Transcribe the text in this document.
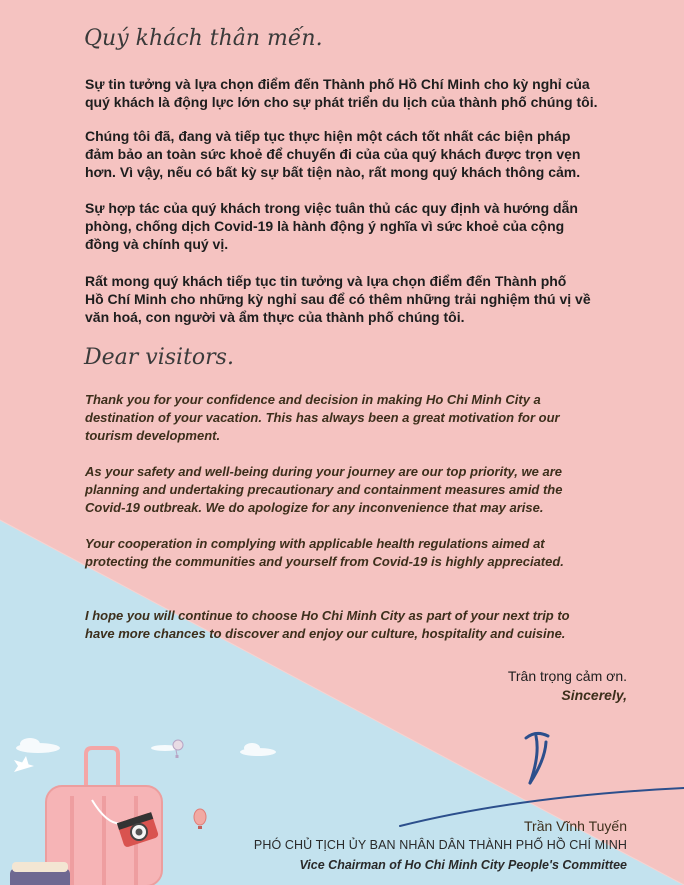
Quý khách thân mến.

Sự tin tưởng và lựa chọn điểm đến Thành phố Hồ Chí Minh cho kỳ nghỉ của
quý khách là động lực lớn cho sự phát triển du lịch của thành phố chúng tôi.

Chúng tôi đã, đang và tiếp tục thực hiện một cách tốt nhất các biện pháp
đảm bảo an toàn sức khoẻ để chuyến đi của của quý khách được trọn vẹn
hơn. Vì vậy, nếu có bất kỳ sự bất tiện nào, rất mong quý khách thông cảm.

Sự hợp tác của quý khách trong việc tuân thủ các quy định và hướng dẫn
phòng, chống dịch Covid-19 là hành động ý nghĩa vì sức khoẻ của cộng
đồng và chính quý vị.

Rất mong quý khách tiếp tục tin tưởng và lựa chọn điểm đến Thành phố
Hồ Chí Minh cho những kỳ nghỉ sau để có thêm những trải nghiệm thú vị về
văn hoá, con người và ẩm thực của thành phố chúng tôi.

Dear visitors.

Thank you for your confidence and decision in making Ho Chi Minh City a
destination of your vacation. This has always been a great motivation for our
tourism development.

As your safety and well-being during your journey are our top priority, we are
planning and undertaking precautionary and containment measures amid the
Covid-19 outbreak. We do apologize for any inconvenience that may arise.

Your cooperation in complying with applicable health regulations aimed at
protecting the communities and yourself from Covid-19 is highly appreciated.

I hope you will continue to choose Ho Chi Minh City as part of your next trip to
have more chances to discover and enjoy our culture, hospitality and cuisine.

Trân trọng cảm ơn.

Sincerely,

Trần Vĩnh Tuyến

PHÓ CHỦ TỊCH ỦY BAN NHÂN DÂN THÀNH PHỐ HỒ CHÍ MINH

Vice Chairman of Ho Chi Minh City People's Committee
